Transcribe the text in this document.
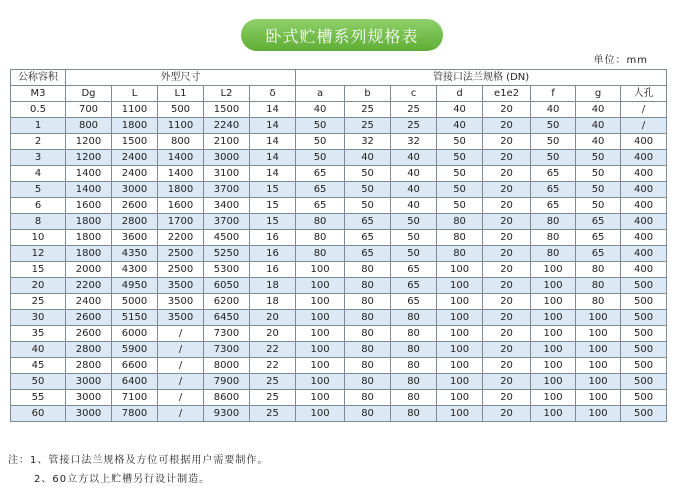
卧式贮槽系列规格表
单位：mm
公称容积	外型尺寸					管接口法兰规格 (DN)							
M3	Dg	L	L1	L2	δ	a	b	c	d	e1e2	f	g	人孔
0.5	700	1100	500	1500	14	40	25	25	40	20	40	40	/
1	800	1800	1100	2240	14	50	25	25	40	20	50	40	/
2	1200	1500	800	2100	14	50	32	32	50	20	50	40	400
3	1200	2400	1400	3000	14	50	40	40	50	20	50	50	400
4	1400	2400	1400	3100	14	65	50	40	50	20	65	50	400
5	1400	3000	1800	3700	15	65	50	40	50	20	65	50	400
6	1600	2600	1600	3400	15	65	50	40	50	20	65	50	400
8	1800	2800	1700	3700	15	80	65	50	80	20	80	65	400
10	1800	3600	2200	4500	16	80	65	50	80	20	80	65	400
12	1800	4350	2500	5250	16	80	65	50	80	20	80	65	400
15	2000	4300	2500	5300	16	100	80	65	100	20	100	80	400
20	2200	4950	3500	6050	18	100	80	65	100	20	100	80	500
25	2400	5000	3500	6200	18	100	80	65	100	20	100	80	500
30	2600	5150	3500	6450	20	100	80	80	100	20	100	100	500
35	2600	6000	/	7300	20	100	80	80	100	20	100	100	500
40	2800	5900	/	7300	22	100	80	80	100	20	100	100	500
45	2800	6600	/	8000	22	100	80	80	100	20	100	100	500
50	3000	6400	/	7900	25	100	80	80	100	20	100	100	500
55	3000	7100	/	8600	25	100	80	80	100	20	100	100	500
60	3000	7800	/	9300	25	100	80	80	100	20	100	100	500
注：1、管接口法兰规格及方位可根据用户需要制作。
2、60立方以上贮槽另行设计制造。
